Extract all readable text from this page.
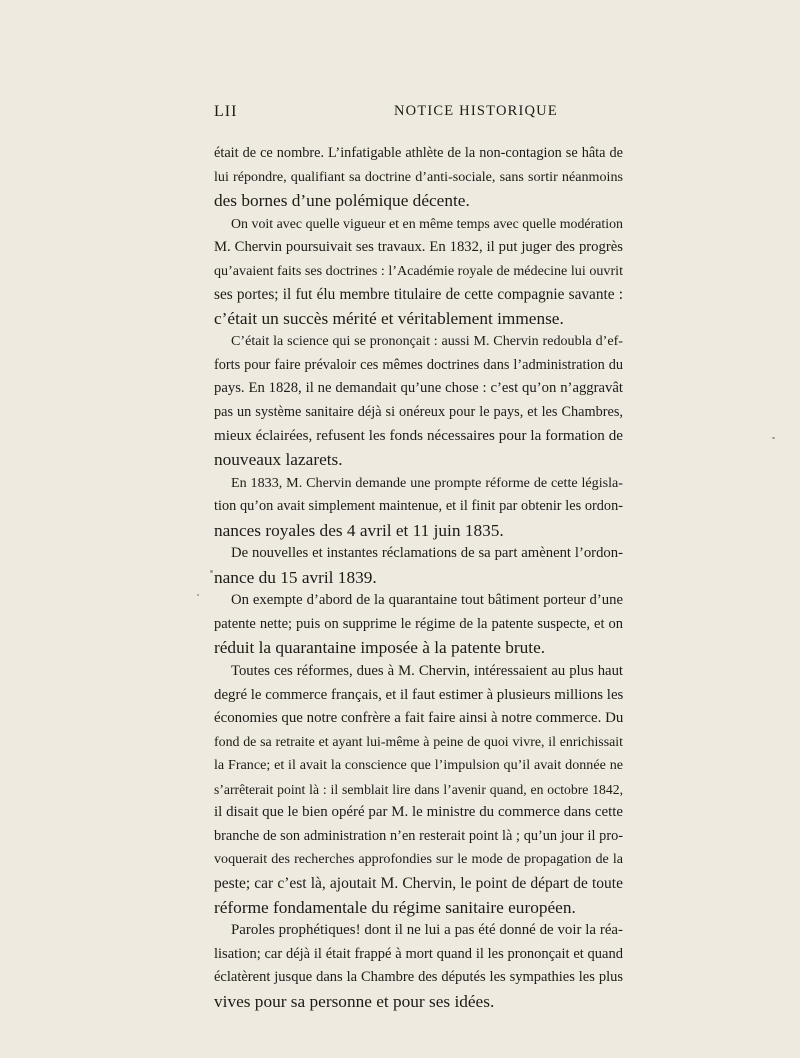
LII	NOTICE HISTORIQUE
était de ce nombre. L’infatigable athlète de la non-contagion se hâta de
lui répondre, qualifiant sa doctrine d’anti-sociale, sans sortir néanmoins
des bornes d’une polémique décente.
On voit avec quelle vigueur et en même temps avec quelle modération
M. Chervin poursuivait ses travaux. En 1832, il put juger des progrès
qu’avaient faits ses doctrines : l’Académie royale de médecine lui ouvrit
ses portes; il fut élu membre titulaire de cette compagnie savante :
c’était un succès mérité et véritablement immense.
C’était la science qui se prononçait : aussi M. Chervin redoubla d’ef-
forts pour faire prévaloir ces mêmes doctrines dans l’administration du
pays. En 1828, il ne demandait qu’une chose : c’est qu’on n’aggravât
pas un système sanitaire déjà si onéreux pour le pays, et les Chambres,
mieux éclairées, refusent les fonds nécessaires pour la formation de
nouveaux lazarets.
En 1833, M. Chervin demande une prompte réforme de cette législa-
tion qu’on avait simplement maintenue, et il finit par obtenir les ordon-
nances royales des 4 avril et 11 juin 1835.
De nouvelles et instantes réclamations de sa part amènent l’ordon-
nance du 15 avril 1839.
On exempte d’abord de la quarantaine tout bâtiment porteur d’une
patente nette; puis on supprime le régime de la patente suspecte, et on
réduit la quarantaine imposée à la patente brute.
Toutes ces réformes, dues à M. Chervin, intéressaient au plus haut
degré le commerce français, et il faut estimer à plusieurs millions les
économies que notre confrère a fait faire ainsi à notre commerce. Du
fond de sa retraite et ayant lui-même à peine de quoi vivre, il enrichissait
la France; et il avait la conscience que l’impulsion qu’il avait donnée ne
s’arrêterait point là : il semblait lire dans l’avenir quand, en octobre 1842,
il disait que le bien opéré par M. le ministre du commerce dans cette
branche de son administration n’en resterait point là ; qu’un jour il pro-
voquerait des recherches approfondies sur le mode de propagation de la
peste; car c’est là, ajoutait M. Chervin, le point de départ de toute
réforme fondamentale du régime sanitaire européen.
Paroles prophétiques! dont il ne lui a pas été donné de voir la réa-
lisation; car déjà il était frappé à mort quand il les prononçait et quand
éclatèrent jusque dans la Chambre des députés les sympathies les plus
vives pour sa personne et pour ses idées.
